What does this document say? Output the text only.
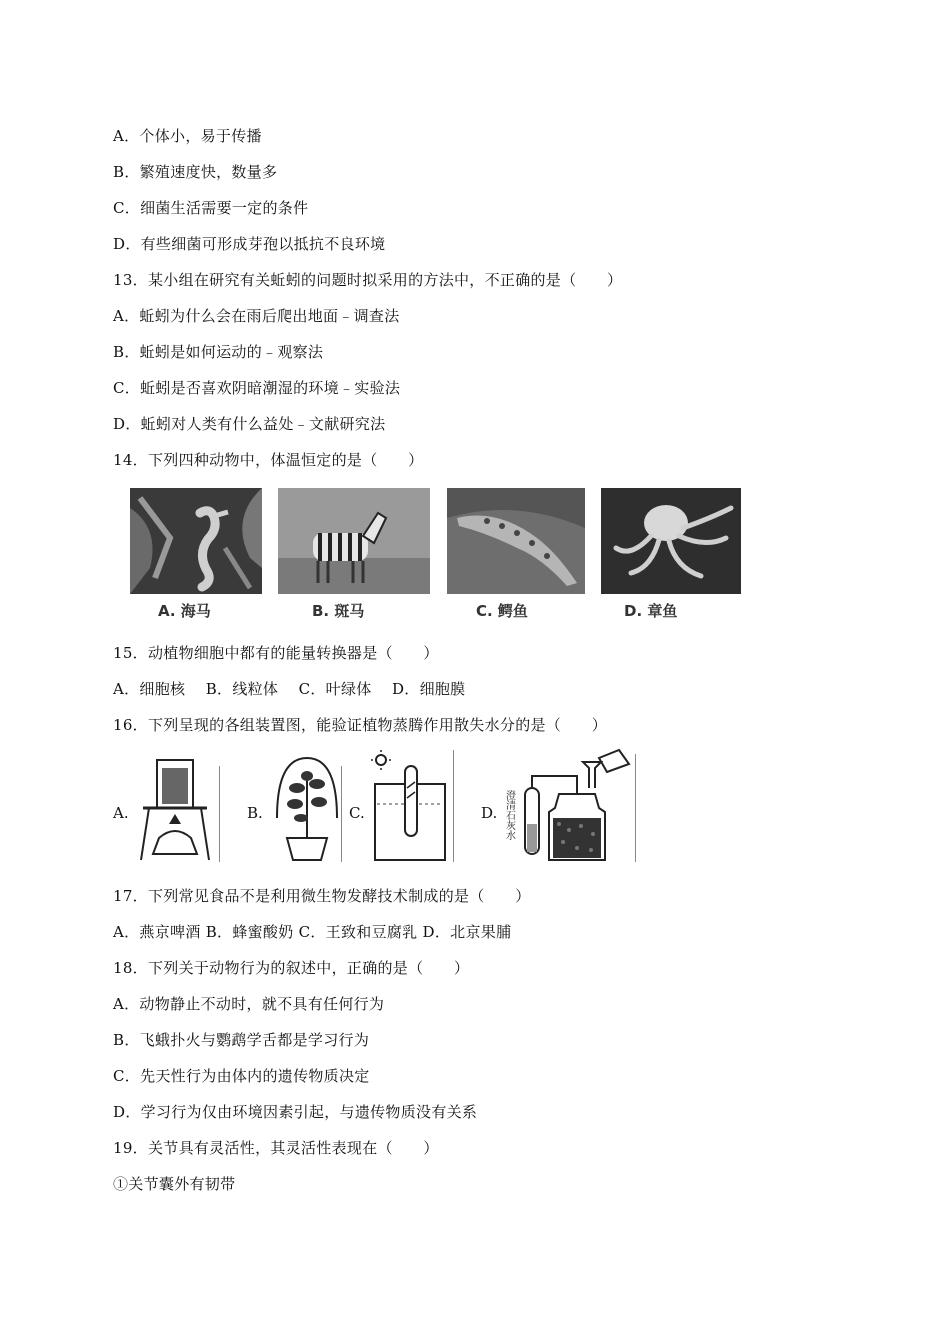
A．个体小，易于传播
B．繁殖速度快，数量多
C．细菌生活需要一定的条件
D．有些细菌可形成芽孢以抵抗不良环境
13．某小组在研究有关蚯蚓的问题时拟采用的方法中，不正确的是（　　）
A．蚯蚓为什么会在雨后爬出地面﹣调查法
B．蚯蚓是如何运动的﹣观察法
C．蚯蚓是否喜欢阴暗潮湿的环境﹣实验法
D．蚯蚓对人类有什么益处﹣文献研究法
14．下列四种动物中，体温恒定的是（　　）
A. 海马	B. 斑马	C. 鳄鱼	D. 章鱼
15．动植物细胞中都有的能量转换器是（　　）
A．细胞核　 B．线粒体　 C．叶绿体　 D．细胞膜
16．下列呈现的各组装置图，能验证植物蒸腾作用散失水分的是（　　）
A.	B.	C.	D. 澄清石灰水
17．下列常见食品不是利用微生物发酵技术制成的是（　　）
A．燕京啤酒 B．蜂蜜酸奶 C．王致和豆腐乳 D．北京果脯
18．下列关于动物行为的叙述中，正确的是（　　）
A．动物静止不动时，就不具有任何行为
B．飞蛾扑火与鹦鹉学舌都是学习行为
C．先天性行为由体内的遗传物质决定
D．学习行为仅由环境因素引起，与遗传物质没有关系
19．关节具有灵活性，其灵活性表现在（　　）
①关节囊外有韧带
